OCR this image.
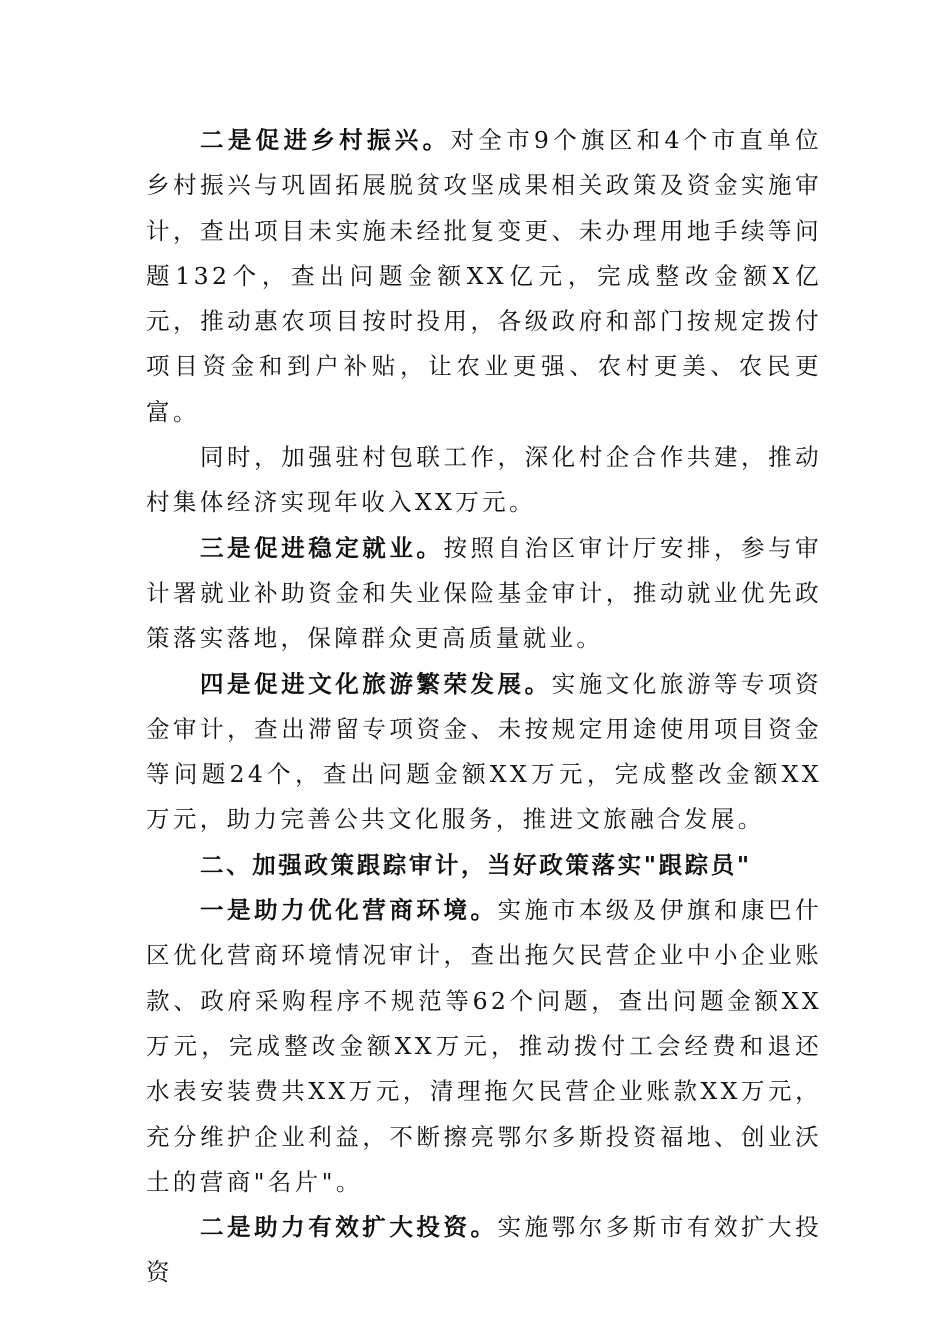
二是促进乡村振兴。对全市9个旗区和4个市直单位乡村振兴与巩固拓展脱贫攻坚成果相关政策及资金实施审计，查出项目未实施未经批复变更、未办理用地手续等问题132个，查出问题金额XX亿元，完成整改金额X亿元，推动惠农项目按时投用，各级政府和部门按规定拨付项目资金和到户补贴，让农业更强、农村更美、农民更富。

同时，加强驻村包联工作，深化村企合作共建，推动村集体经济实现年收入XX万元。

三是促进稳定就业。按照自治区审计厅安排，参与审计署就业补助资金和失业保险基金审计，推动就业优先政策落实落地，保障群众更高质量就业。

四是促进文化旅游繁荣发展。实施文化旅游等专项资金审计，查出滞留专项资金、未按规定用途使用项目资金等问题24个，查出问题金额XX万元，完成整改金额XX万元，助力完善公共文化服务，推进文旅融合发展。

二、加强政策跟踪审计，当好政策落实"跟踪员"

一是助力优化营商环境。实施市本级及伊旗和康巴什区优化营商环境情况审计，查出拖欠民营企业中小企业账款、政府采购程序不规范等62个问题，查出问题金额XX万元，完成整改金额XX万元，推动拨付工会经费和退还水表安装费共XX万元，清理拖欠民营企业账款XX万元，充分维护企业利益，不断擦亮鄂尔多斯投资福地、创业沃土的营商"名片"。

二是助力有效扩大投资。实施鄂尔多斯市有效扩大投资
